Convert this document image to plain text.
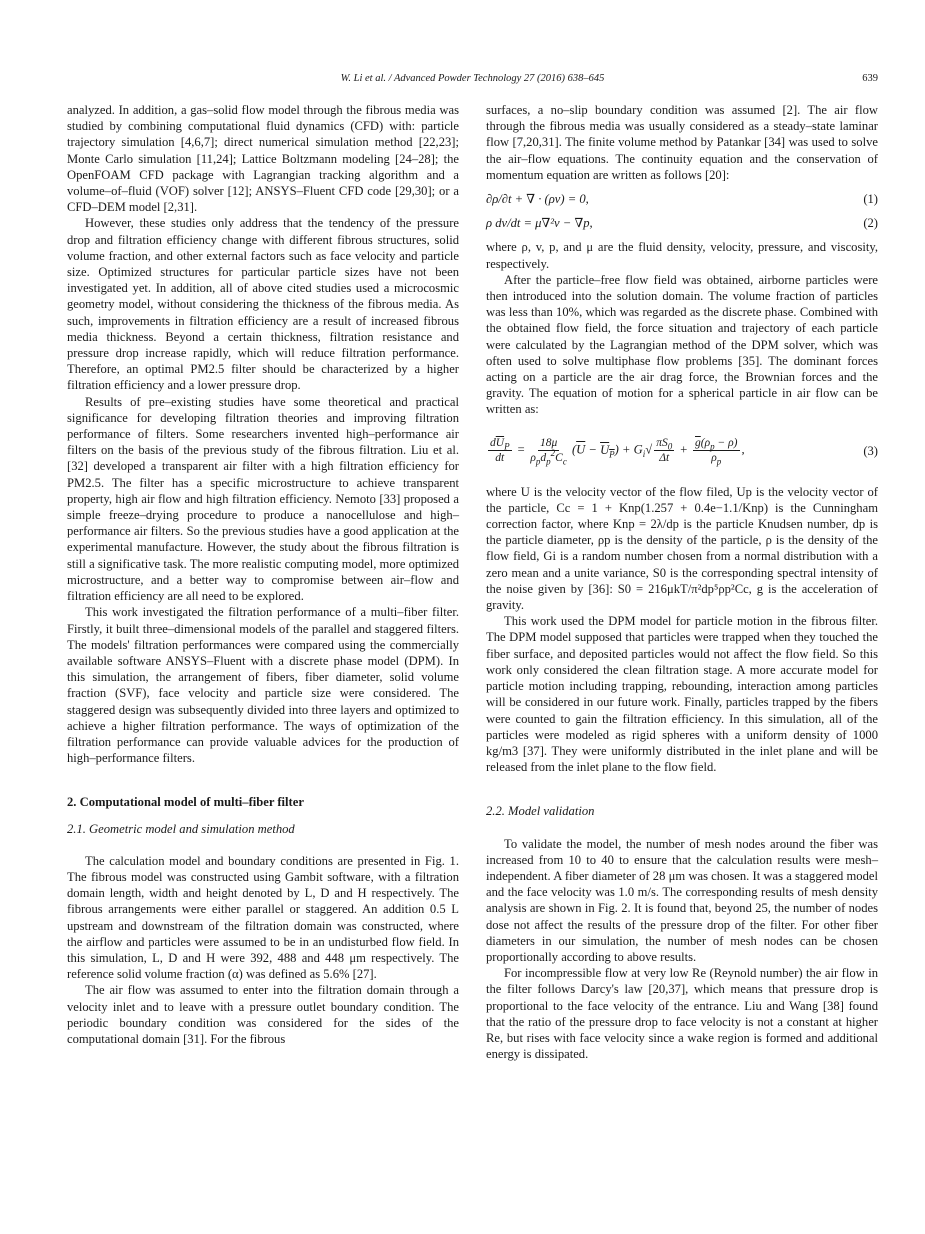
W. Li et al. / Advanced Powder Technology 27 (2016) 638–645	639

analyzed. In addition, a gas–solid flow model through the fibrous media was studied by combining computational fluid dynamics (CFD) with: particle trajectory simulation [4,6,7]; direct numerical simulation method [22,23]; Monte Carlo simulation [11,24]; Lattice Boltzmann modeling [24–28]; the OpenFOAM CFD package with Lagrangian tracking algorithm and a volume–of–fluid (VOF) solver [12]; ANSYS–Fluent CFD code [29,30]; or a CFD–DEM model [2,31].

However, these studies only address that the tendency of the pressure drop and filtration efficiency change with different fibrous structures, solid volume fraction, and other external factors such as face velocity and particle size. Optimized structures for particular particle sizes have not been investigated yet. In addition, all of above cited studies used a microcosmic geometry model, without considering the thickness of the fibrous media. As such, improvements in filtration efficiency are a result of increased fibrous media thickness. Beyond a certain thickness, filtration resistance and pressure drop increase rapidly, which will reduce filtration performance. Therefore, an optimal PM2.5 filter should be characterized by a higher filtration efficiency and a lower pressure drop.

Results of pre–existing studies have some theoretical and practical significance for developing filtration theories and improving filtration performance of filters. Some researchers invented high–performance air filters on the basis of the previous study of the fibrous filtration. Liu et al. [32] developed a transparent air filter with a high filtration efficiency for PM2.5. The filter has a specific microstructure to achieve transparent property, high air flow and high filtration efficiency. Nemoto [33] proposed a simple freeze–drying procedure to produce a nanocellulose and high–performance air filters. So the previous studies have a good application at the experimental manufacture. However, the study about the fibrous filtration is still a significative task. The more realistic computing model, more optimized microstructure, and a better way to compromise between air–flow and filtration efficiency are all need to be explored.

This work investigated the filtration performance of a multi–fiber filter. Firstly, it built three–dimensional models of the parallel and staggered filters. The models' filtration performances were compared using the commercially available software ANSYS–Fluent with a discrete phase model (DPM). In this simulation, the arrangement of fibers, fiber diameter, solid volume fraction (SVF), face velocity and particle size were considered. The staggered design was subsequently divided into three layers and optimized to achieve a higher filtration performance. The ways of optimization of the filtration performance can provide valuable advices for the production of high–performance filters.

2. Computational model of multi–fiber filter
2.1. Geometric model and simulation method

The calculation model and boundary conditions are presented in Fig. 1. The fibrous model was constructed using Gambit software, with a filtration domain length, width and height denoted by L, D and H respectively. The fibrous arrangements were either parallel or staggered. An addition 0.5 L upstream and downstream of the filtration domain was constructed, where the airflow and particles were assumed to be in an undisturbed flow field. In this simulation, L, D and H were 392, 488 and 448 μm respectively. The reference solid volume fraction (α) was defined as 5.6% [27].

The air flow was assumed to enter into the filtration domain through a velocity inlet and to leave with a pressure outlet boundary condition. The periodic boundary condition was considered for the sides of the computational domain [31]. For the fibrous

surfaces, a no–slip boundary condition was assumed [2]. The air flow through the fibrous media was usually considered as a steady–state laminar flow [7,20,31]. The finite volume method by Patankar [34] was used to solve the air–flow equations. The continuity equation and the conservation of momentum equation are written as follows [20]:

∂ρ/∂t + ∇ · (ρv) = 0,	(1)
ρ dv/dt = μ∇²v − ∇p,	(2)

where ρ, v, p, and μ are the fluid density, velocity, pressure, and viscosity, respectively.

After the particle–free flow field was obtained, airborne particles were then introduced into the solution domain. The volume fraction of particles was less than 10%, which was regarded as the discrete phase. Combined with the obtained flow field, the force situation and trajectory of each particle were calculated by the Lagrangian method of the DPM solver, which was often used to solve multiphase flow problems [35]. The dominant forces acting on a particle are the air drag force, the Brownian forces and the gravity. The equation of motion for a spherical particle in air flow can be written as:

$\frac{d\overline{U}_P}{dt} = \frac{18\mu}{\rho_pd_p^2C_c} (\overline{U} - U_P) + G_i√ \frac{\pi S_0}{\Delta t} + \frac{\overline{g}(\rho_p - \rho)}{\rho_p}$ ,	(3)

where U is the velocity vector of the flow filed, Up is the velocity vector of the particle, Cc = 1 + Knp(1.257 + 0.4e−1.1/Knp) is the Cunningham correction factor, where Knp = 2λ/dp is the particle Knudsen number, dp is the particle diameter, ρp is the density of the particle, ρ is the density of the flow field, Gi is a random number chosen from a normal distribution with a zero mean and a unite variance, S0 is the corresponding spectral intensity of the noise given by [36]: S0 = 216μkT/π²dp⁵ρp²Cc, g is the acceleration of gravity.

This work used the DPM model for particle motion in the fibrous filter. The DPM model supposed that particles were trapped when they touched the fiber surface, and deposited particles would not affect the flow field. So this work only considered the clean filtration stage. A more accurate model for particle motion including trapping, rebounding, interaction among particles will be considered in our future work. Finally, particles trapped by the fibers were counted to gain the filtration efficiency. In this simulation, all of the particles were modeled as rigid spheres with a uniform density of 1000 kg/m3 [37]. They were uniformly distributed in the inlet plane and will be released from the inlet plane to the flow field.

2.2. Model validation

To validate the model, the number of mesh nodes around the fiber was increased from 10 to 40 to ensure that the calculation results were mesh–independent. A fiber diameter of 28 μm was chosen. It was a staggered model and the face velocity was 1.0 m/s. The corresponding results of mesh density analysis are shown in Fig. 2. It is found that, beyond 25, the number of nodes dose not affect the results of the pressure drop of the filter. For other fiber diameters in our simulation, the number of mesh nodes can be chosen proportionally according to above results.

For incompressible flow at very low Re (Reynold number) the air flow in the filter follows Darcy's law [20,37], which means that pressure drop is proportional to the face velocity of the entrance. Liu and Wang [38] found that the ratio of the pressure drop to face velocity is not a constant at higher Re, but rises with face velocity since a wake region is formed and additional energy is dissipated.
